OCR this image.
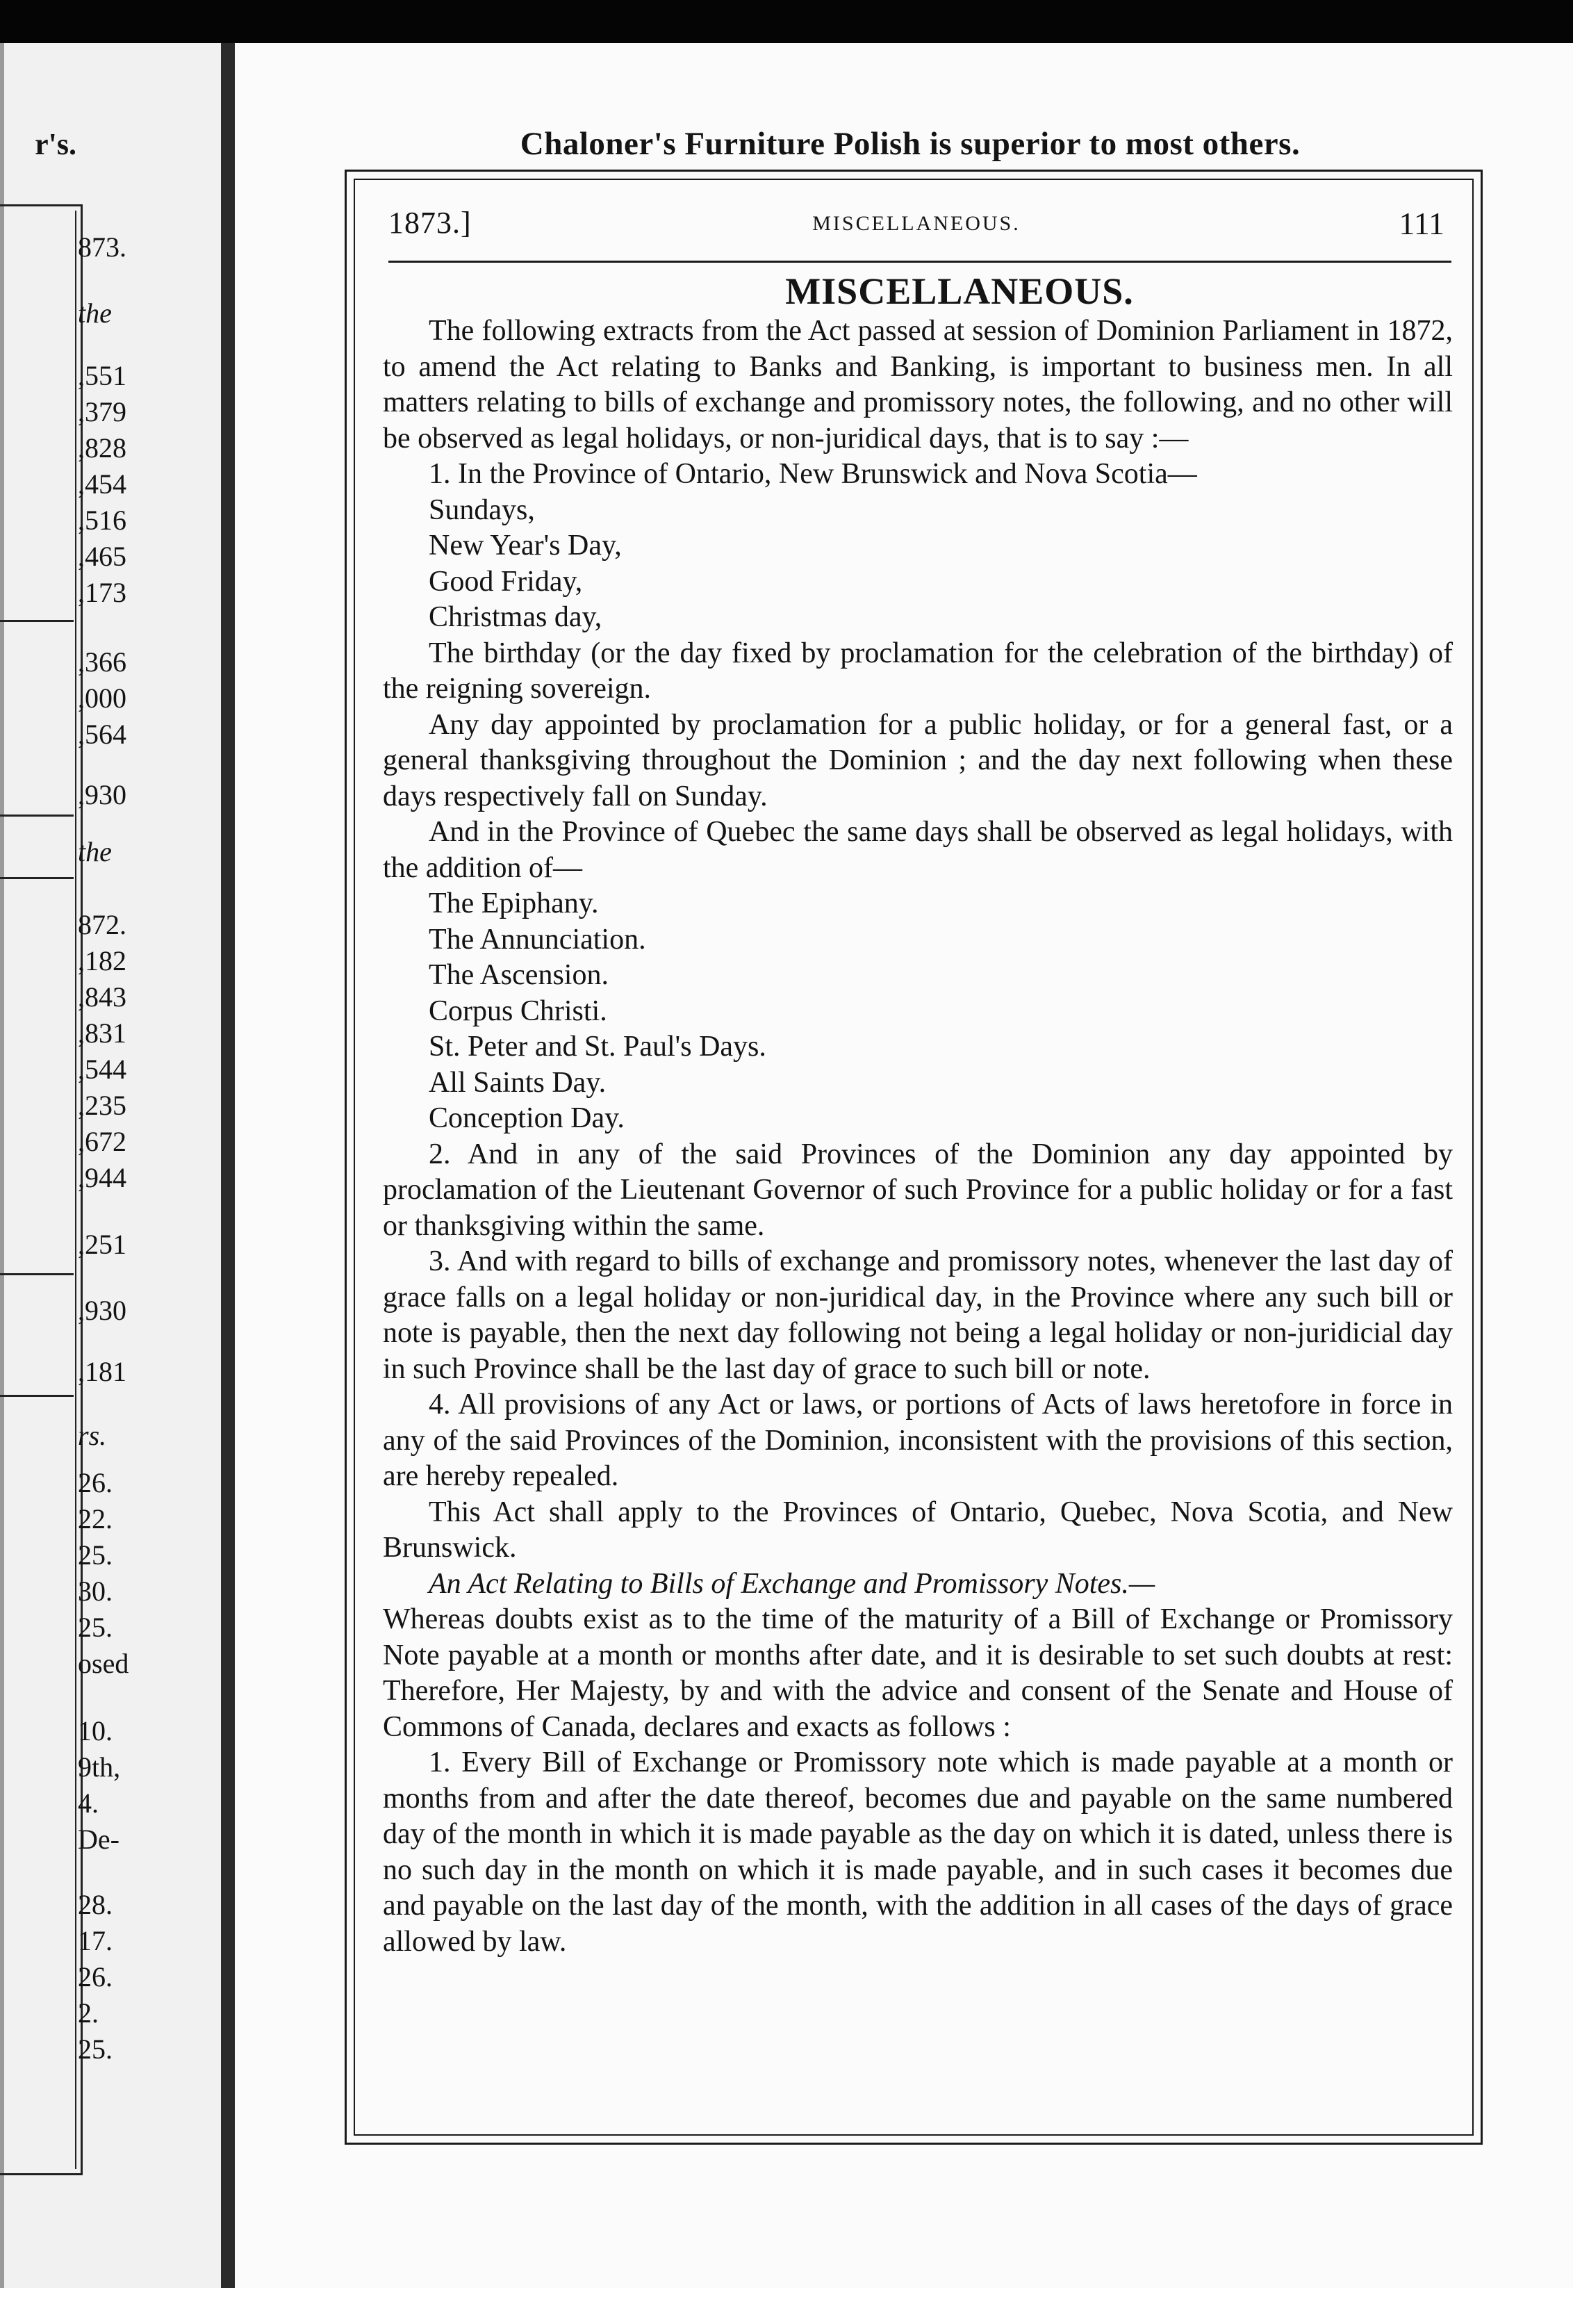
r's.
873.
the
,551
,379
,828
,454
,516
,465
,173
,366
,000
,564
,930
the
872.
,182
,843
,831
,544
,235
,672
,944
,251
,930
,181
rs.
26.
22.
25.
30.
25.
osed
10.
9th,
4.
De-
28.
17.
26.
2.
25.
Chaloner's Furniture Polish is superior to most others.
1873.]	MISCELLANEOUS.	111
MISCELLANEOUS.

The following extracts from the Act passed at session of Dominion Parliament in 1872, to amend the Act relating to Banks and Banking, is important to business men. In all matters relating to bills of exchange and promissory notes, the following, and no other will be observed as legal holidays, or non-juridical days, that is to say :—

1. In the Province of Ontario, New Brunswick and Nova Scotia—

Sundays,
New Year's Day,
Good Friday,
Christmas day,

The birthday (or the day fixed by proclamation for the celebration of the birthday) of the reigning sovereign.

Any day appointed by proclamation for a public holiday, or for a general fast, or a general thanksgiving throughout the Dominion ; and the day next following when these days respectively fall on Sunday.

And in the Province of Quebec the same days shall be observed as legal holidays, with the addition of—

The Epiphany.
The Annunciation.
The Ascension.
Corpus Christi.
St. Peter and St. Paul's Days.
All Saints Day.
Conception Day.

2. And in any of the said Provinces of the Dominion any day appointed by proclamation of the Lieutenant Governor of such Province for a public holiday or for a fast or thanksgiving within the same.

3. And with regard to bills of exchange and promissory notes, whenever the last day of grace falls on a legal holiday or non-juridical day, in the Province where any such bill or note is payable, then the next day following not being a legal holiday or non-juridicial day in such Province shall be the last day of grace to such bill or note.

4. All provisions of any Act or laws, or portions of Acts of laws heretofore in force in any of the said Provinces of the Dominion, inconsistent with the provisions of this section, are hereby repealed.

This Act shall apply to the Provinces of Ontario, Quebec, Nova Scotia, and New Brunswick.

An Act Relating to Bills of Exchange and Promissory Notes.—

Whereas doubts exist as to the time of the maturity of a Bill of Exchange or Promissory Note payable at a month or months after date, and it is desirable to set such doubts at rest: Therefore, Her Majesty, by and with the advice and consent of the Senate and House of Commons of Canada, declares and exacts as follows :

1. Every Bill of Exchange or Promissory note which is made payable at a month or months from and after the date thereof, becomes due and payable on the same numbered day of the month in which it is made payable as the day on which it is dated, unless there is no such day in the month on which it is made payable, and in such cases it becomes due and payable on the last day of the month, with the addition in all cases of the days of grace allowed by law.
